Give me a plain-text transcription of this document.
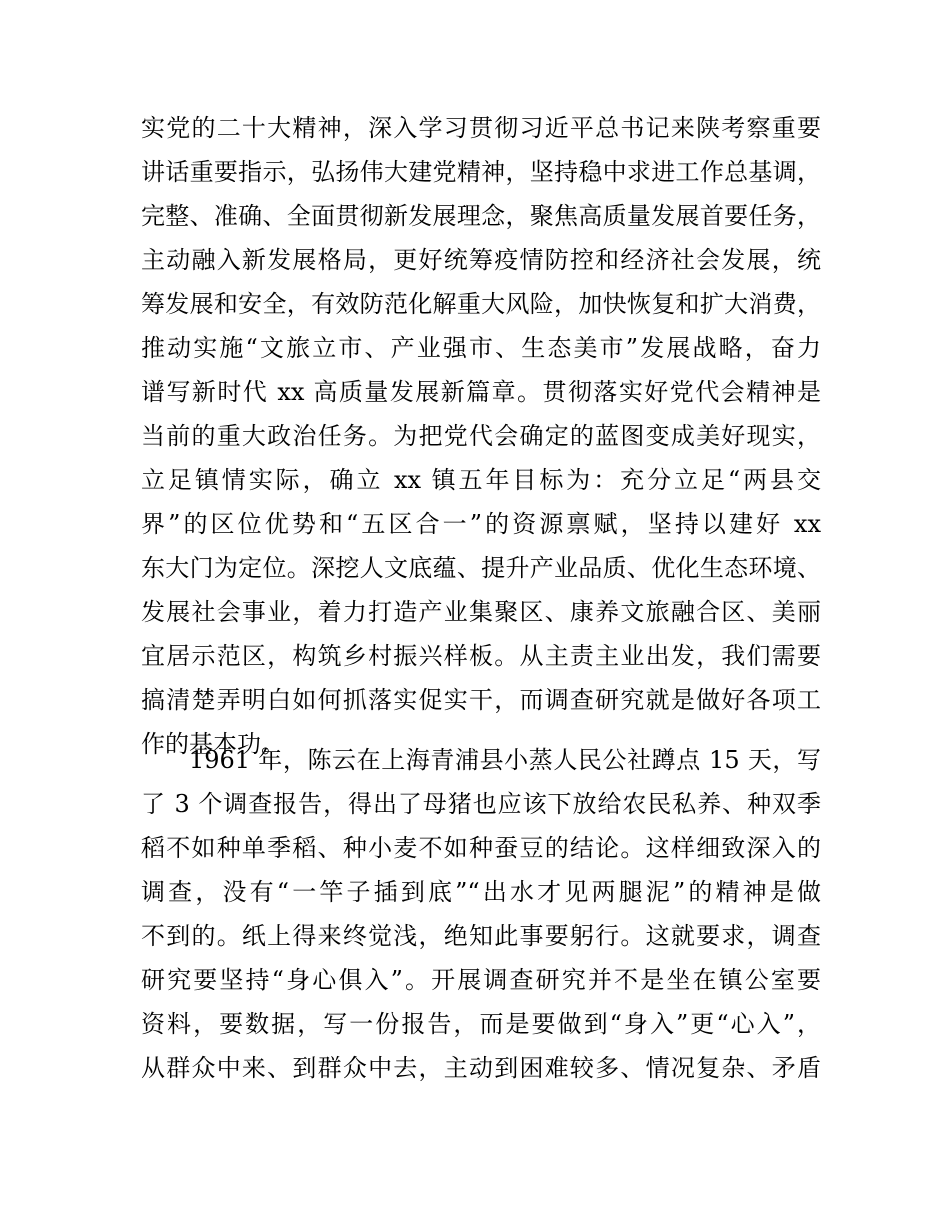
实党的二十大精神，深入学习贯彻习近平总书记来陕考察重要
讲话重要指示，弘扬伟大建党精神，坚持稳中求进工作总基调，
完整、准确、全面贯彻新发展理念，聚焦高质量发展首要任务，
主动融入新发展格局，更好统筹疫情防控和经济社会发展，统
筹发展和安全，有效防范化解重大风险，加快恢复和扩大消费，
推动实施“文旅立市、产业强市、生态美市”发展战略，奋力
谱写新时代 xx 高质量发展新篇章。贯彻落实好党代会精神是
当前的重大政治任务。为把党代会确定的蓝图变成美好现实，
立足镇情实际，确立 xx 镇五年目标为：充分立足“两县交
界”的区位优势和“五区合一”的资源禀赋，坚持以建好 xx
东大门为定位。深挖人文底蕴、提升产业品质、优化生态环境、
发展社会事业，着力打造产业集聚区、康养文旅融合区、美丽
宜居示范区，构筑乡村振兴样板。从主责主业出发，我们需要
搞清楚弄明白如何抓落实促实干，而调查研究就是做好各项工
作的基本功。
1961 年，陈云在上海青浦县小蒸人民公社蹲点 15 天，写
了 3 个调查报告，得出了母猪也应该下放给农民私养、种双季
稻不如种单季稻、种小麦不如种蚕豆的结论。这样细致深入的
调查，没有“一竿子插到底”“出水才见两腿泥”的精神是做
不到的。纸上得来终觉浅，绝知此事要躬行。这就要求，调查
研究要坚持“身心俱入”。开展调查研究并不是坐在镇公室要
资料，要数据，写一份报告，而是要做到“身入”更“心入”，
从群众中来、到群众中去，主动到困难较多、情况复杂、矛盾
